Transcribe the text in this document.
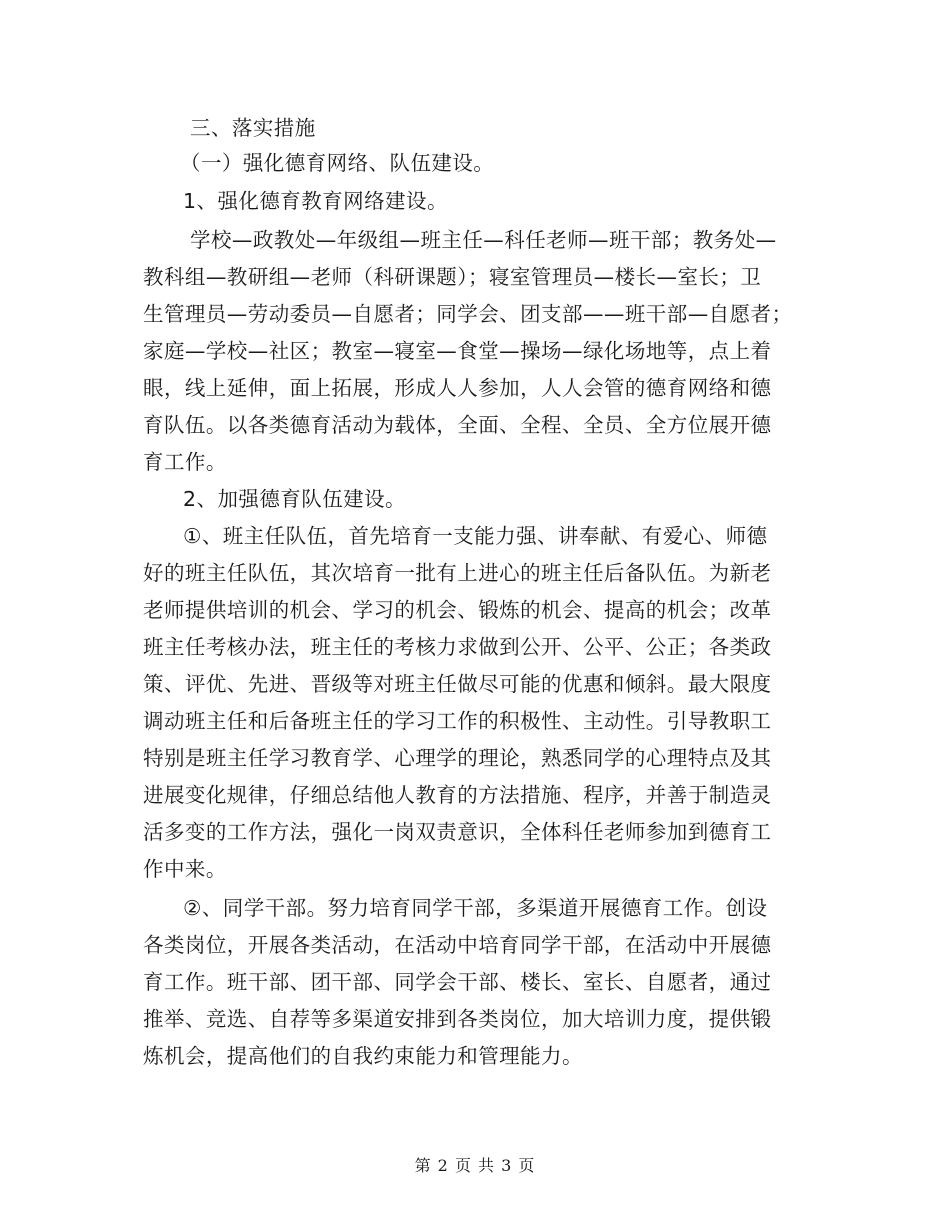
三、落实措施
（一）强化德育网络、队伍建设。
1、强化德育教育网络建设。
学校—政教处—年级组—班主任—科任老师—班干部；教务处—
教科组—教研组—老师（科研课题）；寝室管理员—楼长—室长；卫
生管理员—劳动委员—自愿者；同学会、团支部——班干部—自愿者；
家庭—学校—社区；教室—寝室—食堂—操场—绿化场地等，点上着
眼，线上延伸，面上拓展，形成人人参加，人人会管的德育网络和德
育队伍。以各类德育活动为载体，全面、全程、全员、全方位展开德
育工作。
2、加强德育队伍建设。
①、班主任队伍，首先培育一支能力强、讲奉献、有爱心、师德
好的班主任队伍，其次培育一批有上进心的班主任后备队伍。为新老
老师提供培训的机会、学习的机会、锻炼的机会、提高的机会；改革
班主任考核办法，班主任的考核力求做到公开、公平、公正；各类政
策、评优、先进、晋级等对班主任做尽可能的优惠和倾斜。最大限度
调动班主任和后备班主任的学习工作的积极性、主动性。引导教职工
特别是班主任学习教育学、心理学的理论，熟悉同学的心理特点及其
进展变化规律，仔细总结他人教育的方法措施、程序，并善于制造灵
活多变的工作方法，强化一岗双责意识，全体科任老师参加到德育工
作中来。
②、同学干部。努力培育同学干部，多渠道开展德育工作。创设
各类岗位，开展各类活动，在活动中培育同学干部，在活动中开展德
育工作。班干部、团干部、同学会干部、楼长、室长、自愿者，通过
推举、竞选、自荐等多渠道安排到各类岗位，加大培训力度，提供锻
炼机会，提高他们的自我约束能力和管理能力。
第 2 页 共 3 页
